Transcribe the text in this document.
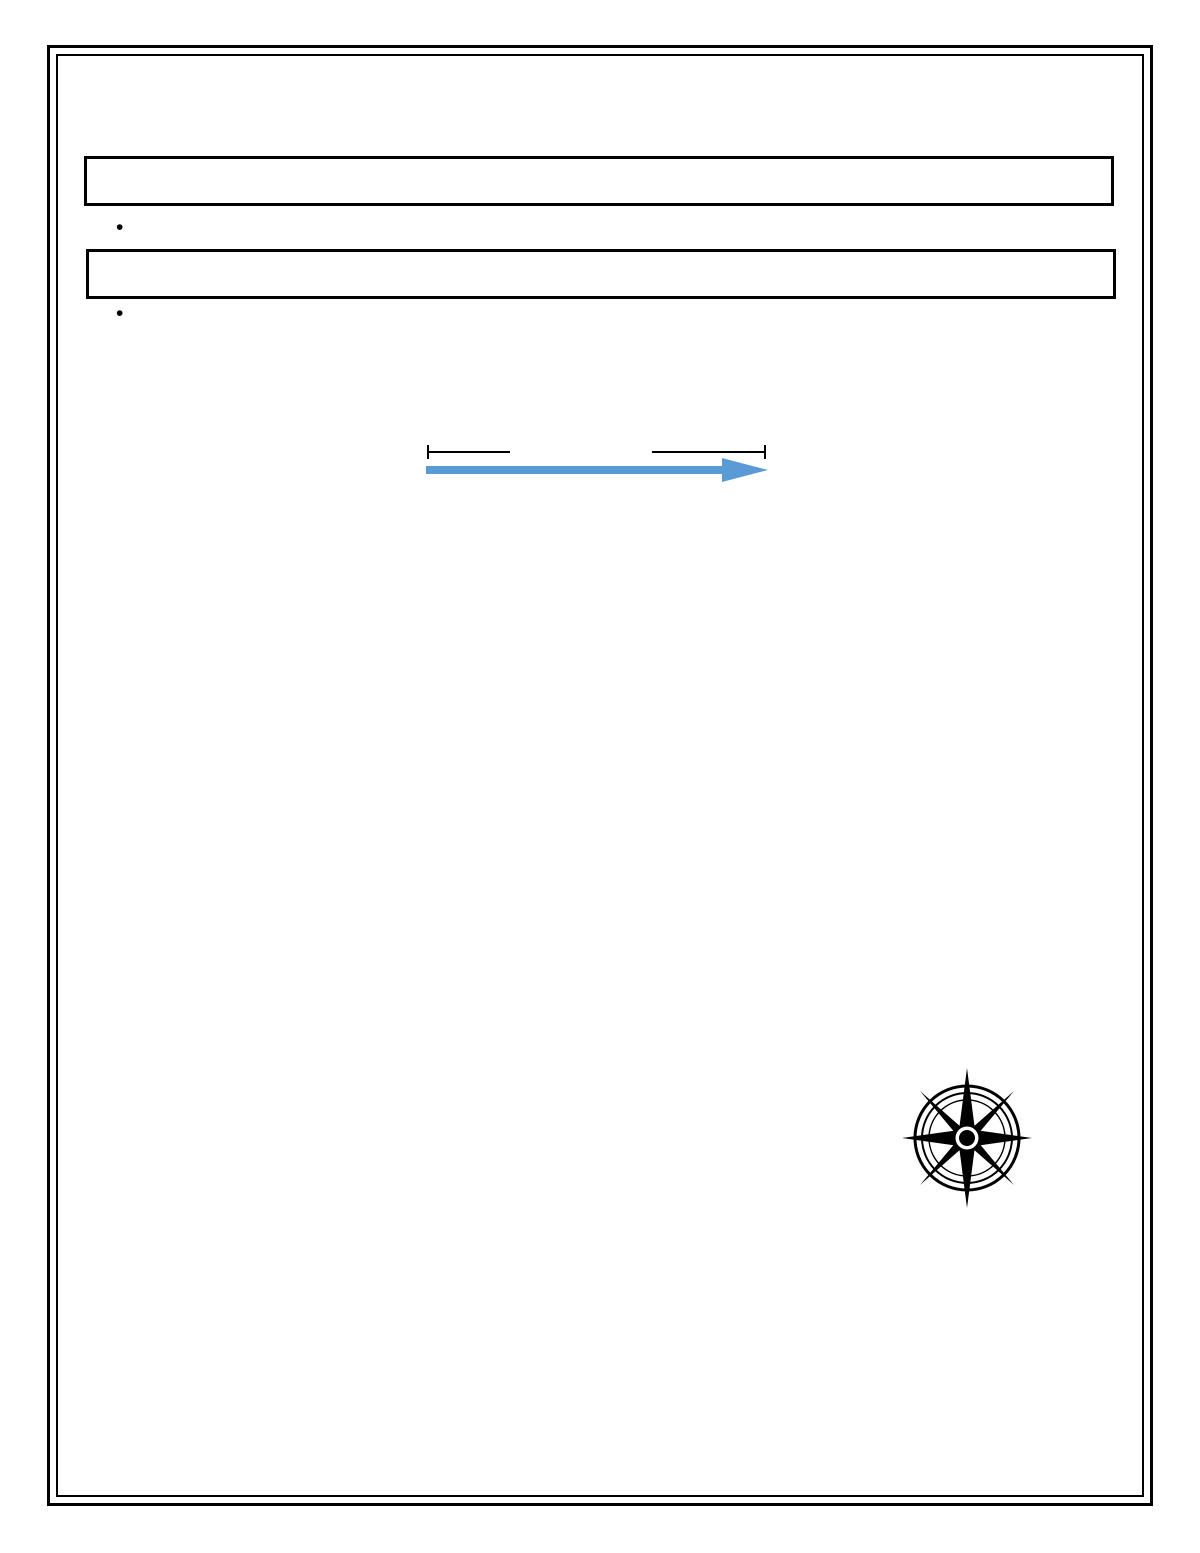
•
•
